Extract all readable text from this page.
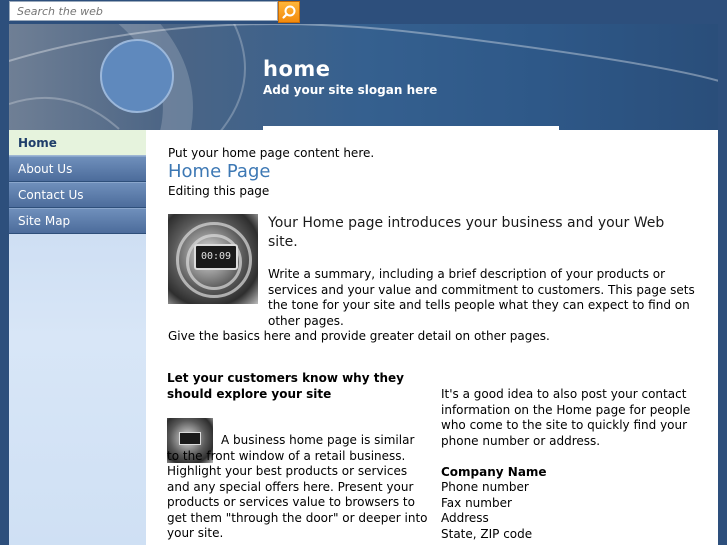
Search the web
home
Add your site slogan here
Home
About Us
Contact Us
Site Map
Put your home page content here.
Home Page
Editing this page
00:09
Your Home page introduces your business and your Web site.
Write a summary, including a brief description of your products or services and your value and commitment to customers. This page sets the tone for your site and tells people what they can expect to find on other pages.
Give the basics here and provide greater detail on other pages.
Let your customers know why they should explore your site
A business home page is similar to the front window of a retail business. Highlight your best products or services and any special offers here. Present your products or services value to browsers to get them "through the door" or deeper into your site.
It's a good idea to also post your contact information on the Home page for people who come to the site to quickly find your phone number or address.
Company Name
Phone number
Fax number
Address
State, ZIP code
